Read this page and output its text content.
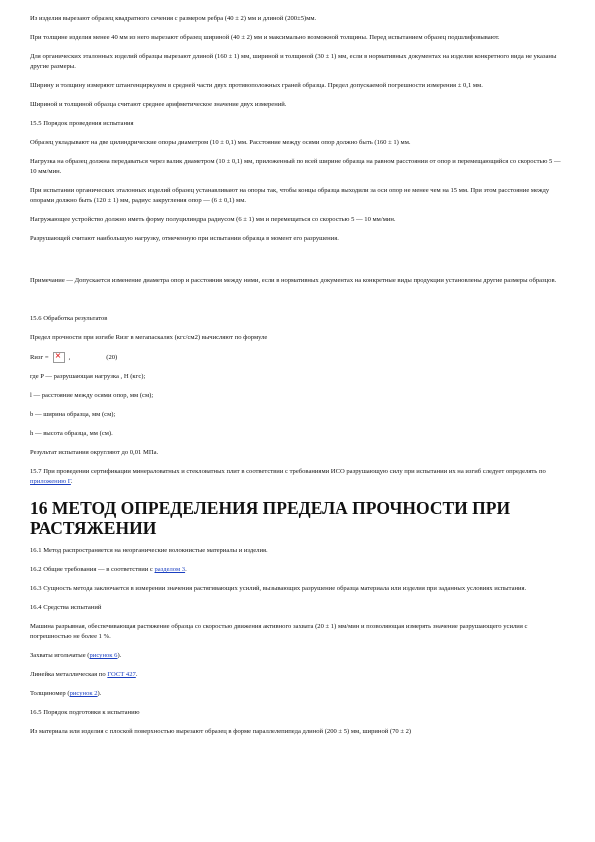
Из изделия вырезают образец квадратного сечения с размером ребра (40 ± 2) мм и длиной (200±5)мм.

При толщине изделия менее 40 мм из него вырезают образец шириной (40 ± 2) мм и максимально возможной толщины. Перед испытанием образец подшлифовывают.

Для органических эталонных изделий образцы вырезают длиной (160 ± 1) мм, шириной и толщиной (30 ± 1) мм, если в нормативных документах на изделия конкретного вида не указаны другие размеры.

Ширину и толщину измеряют штангенциркулем в средней части двух противоположных граней образца. Предел допускаемой погрешности измерения ± 0,1 мм.

Шириной и толщиной образца считают среднее арифметическое значение двух измерений.

15.5 Порядок проведения испытания

Образец укладывают на две цилиндрические опоры диаметром (10 ± 0,1) мм. Расстояние между осями опор должно быть (160 ± 1) мм.

Нагрузка на образец должна передаваться через валик диаметром (10 ± 0,1) мм, приложенный по всей ширине образца на равном расстоянии от опор и перемещающийся со скоростью 5 — 10 мм/мин.

При испытании органических эталонных изделий образец устанавливают на опоры так, чтобы концы образца выходили за оси опор не менее чем на 15 мм. При этом расстояние между опорами должно быть (120 ± 1) мм, радиус закругления опор — (6 ± 0,1) мм.

Нагружающее устройство должно иметь форму полуцилиндра радиусом (6 ± 1) мм и перемещаться со скоростью 5 — 10 мм/мин.

Разрушающей считают наибольшую нагрузку, отмеченную при испытании образца в момент его разрушения.

Примечание — Допускается изменение диаметра опор и расстояния между ними, если в нормативных документах на конкретные виды продукции установлены другие размеры образцов.

15.6 Обработка результатов

Предел прочности при изгибе Rизг в мегапаскалях (кгс/см2) вычисляют по формуле

Rизг =
×	,	(20)

где P — разрушающая нагрузка , Н (кгс);

l — расстояние между осями опор, мм (см);

b — ширина образца, мм (см);

h — высота образца, мм (см).

Результат испытания округляют до 0,01 МПа.

15.7 При проведении сертификации минераловатных и стекловатных плит в соответствии с требованиями ИСО разрушающую силу при испытании их на изгиб следует определять по приложению Г.

16 МЕТОД ОПРЕДЕЛЕНИЯ ПРЕДЕЛА ПРОЧНОСТИ ПРИ РАСТЯЖЕНИИ

16.1 Метод распространяется на неорганические волокнистые материалы и изделия.

16.2 Общие требования — в соответствии с разделом 3.

16.3 Сущность метода заключается в измерении значения растягивающих усилий, вызывающих разрушение образца материала или изделия при заданных условиях испытания.

16.4 Средства испытаний

Машина разрывная, обеспечивающая растяжение образца со скоростью движения активного захвата (20 ± 1) мм/мин и позволяющая измерять значение разрушающего усилия с погрешностью не более 1 %.

Захваты игольчатые (рисунок 6).

Линейка металлическая по ГОСТ 427.

Толщиномер (рисунок 2).

16.5 Порядок подготовки к испытанию

Из материала или изделия с плоской поверхностью вырезают образец в форме параллелепипеда длиной (200 ± 5) мм, шириной (70 ± 2)
